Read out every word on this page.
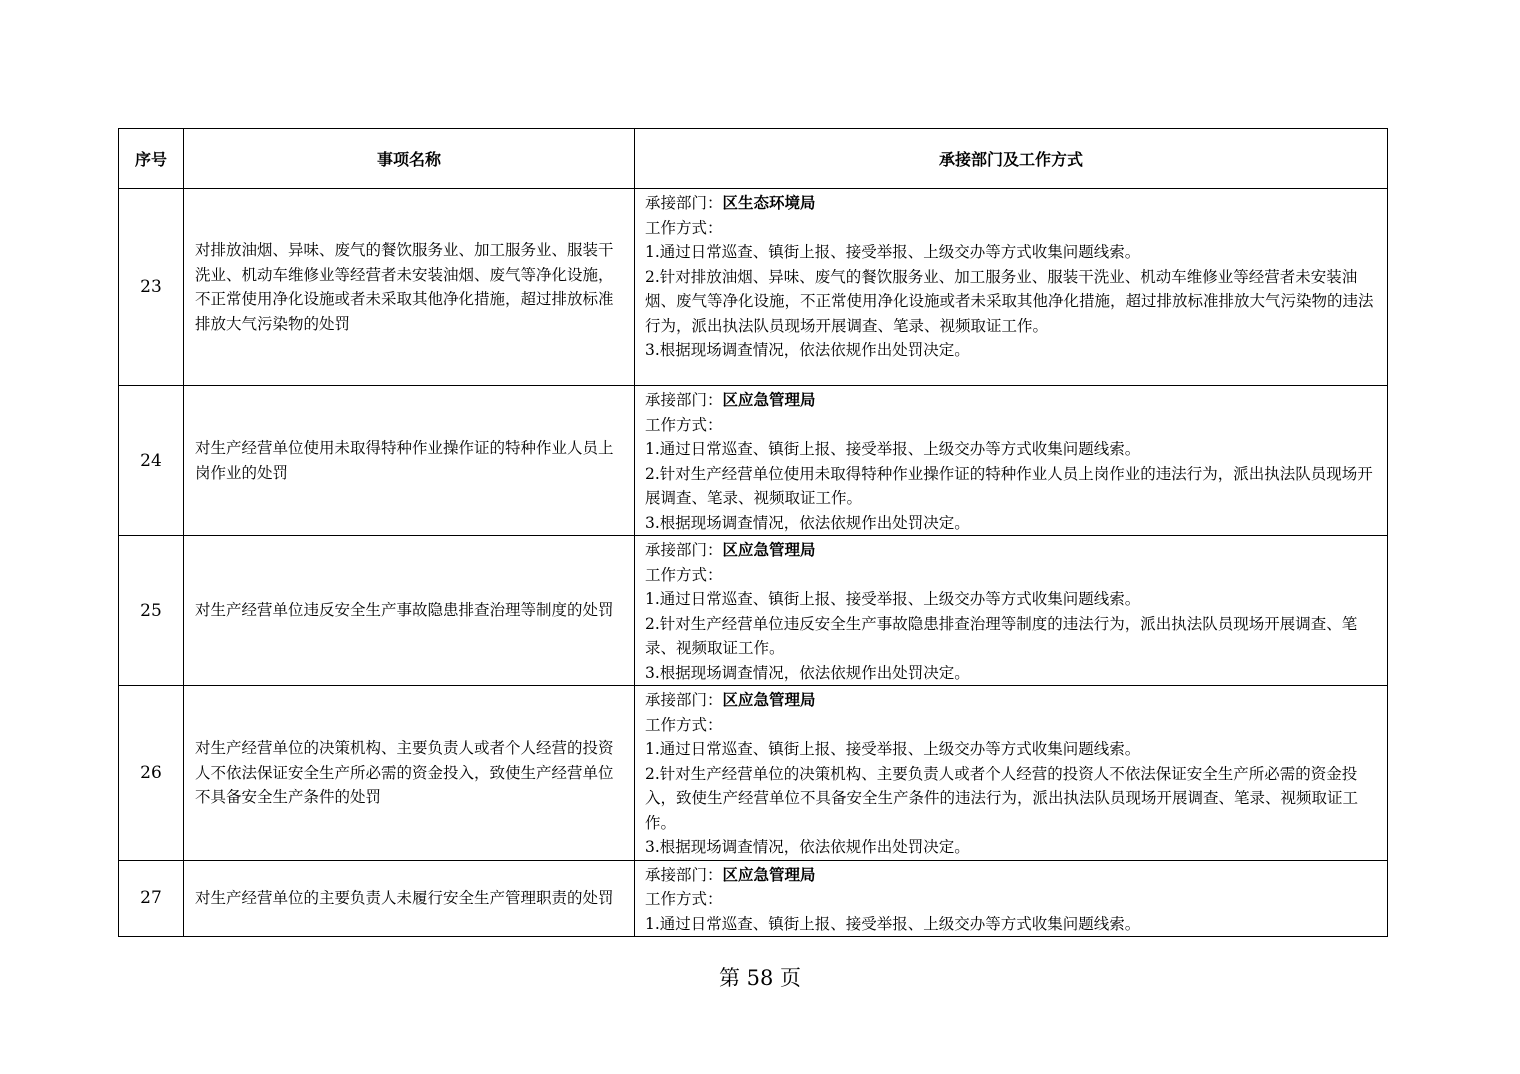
序号	事项名称	承接部门及工作方式
23	对排放油烟、异味、废气的餐饮服务业、加工服务业、服装干洗业、机动车维修业等经营者未安装油烟、废气等净化设施，不正常使用净化设施或者未采取其他净化措施，超过排放标准排放大气污染物的处罚	承接部门：区生态环境局
工作方式：
1.通过日常巡查、镇街上报、接受举报、上级交办等方式收集问题线索。
2.针对排放油烟、异味、废气的餐饮服务业、加工服务业、服装干洗业、机动车维修业等经营者未安装油烟、废气等净化设施，不正常使用净化设施或者未采取其他净化措施，超过排放标准排放大气污染物的违法行为，派出执法队员现场开展调查、笔录、视频取证工作。
3.根据现场调查情况，依法依规作出处罚决定。

24	对生产经营单位使用未取得特种作业操作证的特种作业人员上岗作业的处罚	承接部门：区应急管理局
工作方式：
1.通过日常巡查、镇街上报、接受举报、上级交办等方式收集问题线索。
2.针对生产经营单位使用未取得特种作业操作证的特种作业人员上岗作业的违法行为，派出执法队员现场开展调查、笔录、视频取证工作。
3.根据现场调查情况，依法依规作出处罚决定。

25	对生产经营单位违反安全生产事故隐患排查治理等制度的处罚	承接部门：区应急管理局
工作方式：
1.通过日常巡查、镇街上报、接受举报、上级交办等方式收集问题线索。
2.针对生产经营单位违反安全生产事故隐患排查治理等制度的违法行为，派出执法队员现场开展调查、笔录、视频取证工作。
3.根据现场调查情况，依法依规作出处罚决定。

26	对生产经营单位的决策机构、主要负责人或者个人经营的投资人不依法保证安全生产所必需的资金投入，致使生产经营单位不具备安全生产条件的处罚	承接部门：区应急管理局
工作方式：
1.通过日常巡查、镇街上报、接受举报、上级交办等方式收集问题线索。
2.针对生产经营单位的决策机构、主要负责人或者个人经营的投资人不依法保证安全生产所必需的资金投入，致使生产经营单位不具备安全生产条件的违法行为，派出执法队员现场开展调查、笔录、视频取证工作。
3.根据现场调查情况，依法依规作出处罚决定。

27	对生产经营单位的主要负责人未履行安全生产管理职责的处罚	承接部门：区应急管理局
工作方式：
1.通过日常巡查、镇街上报、接受举报、上级交办等方式收集问题线索。
第 58 页
